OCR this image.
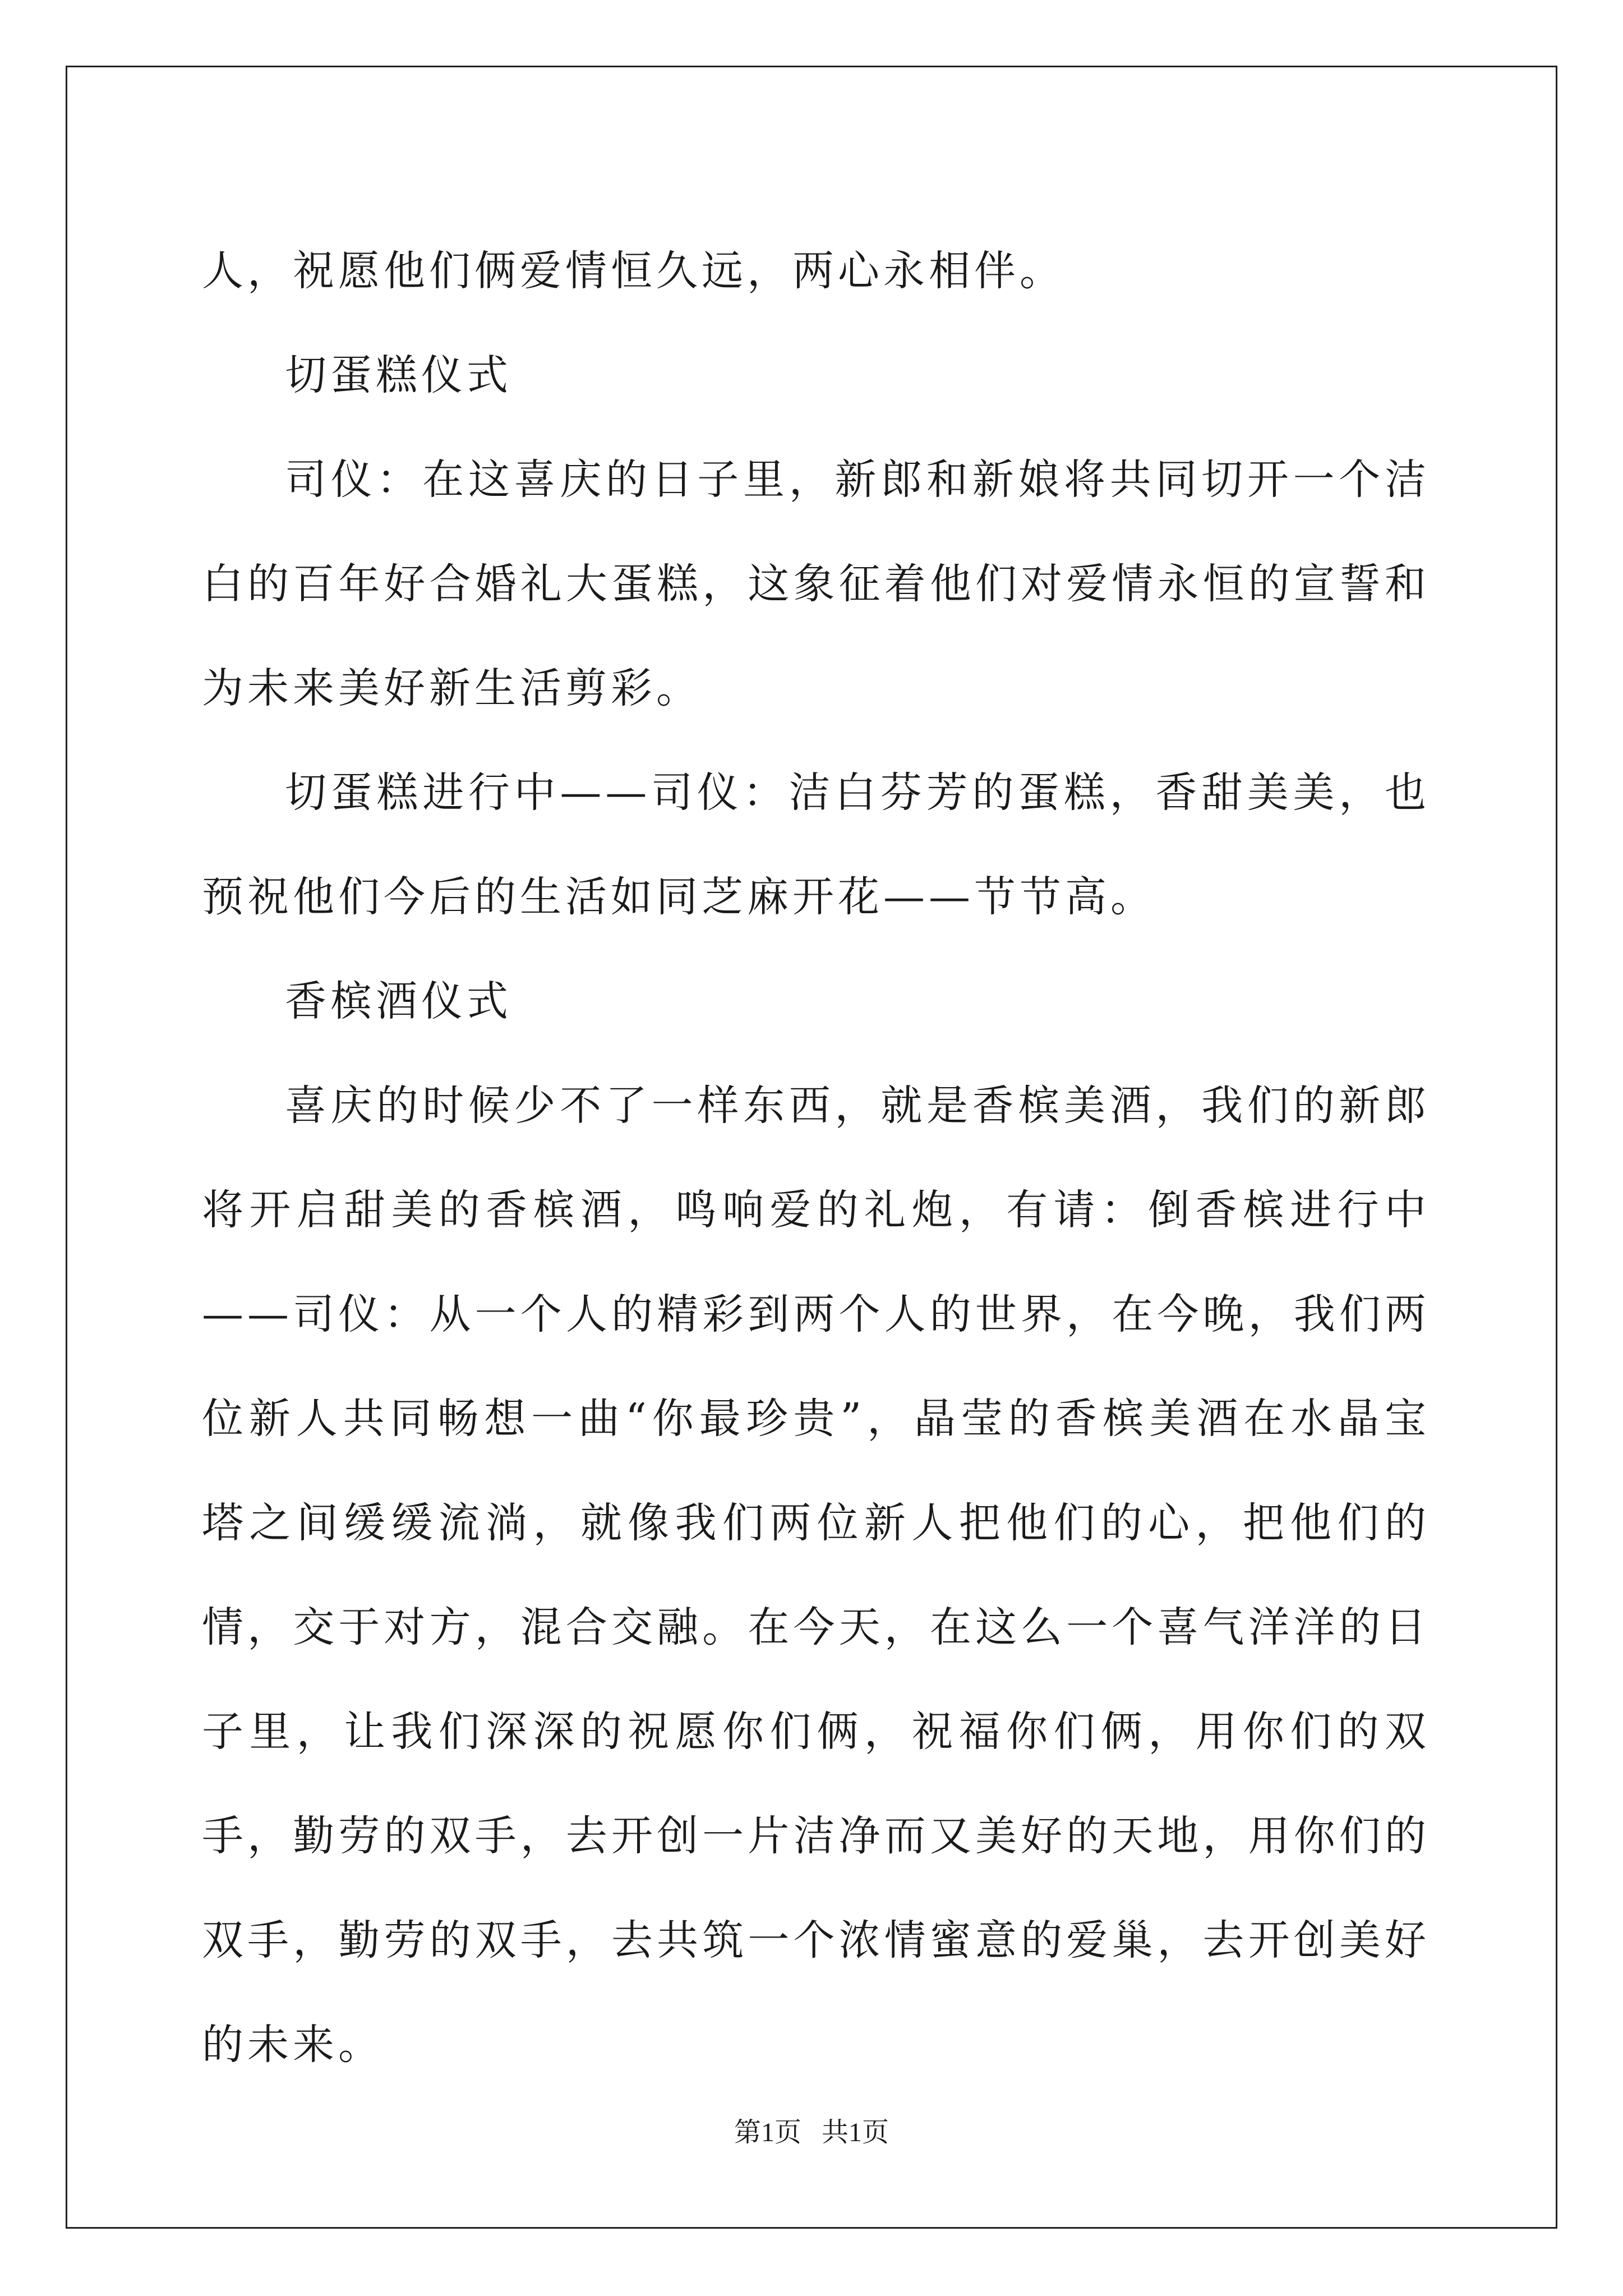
人，祝愿他们俩爱情恒久远，两心永相伴。

切蛋糕仪式

司仪：在这喜庆的日子里，新郎和新娘将共同切开一个洁白的百年好合婚礼大蛋糕，这象征着他们对爱情永恒的宣誓和为未来美好新生活剪彩。

切蛋糕进行中——司仪：洁白芬芳的蛋糕，香甜美美，也预祝他们今后的生活如同芝麻开花——节节高。

香槟酒仪式

喜庆的时候少不了一样东西，就是香槟美酒，我们的新郎将开启甜美的香槟酒，鸣响爱的礼炮，有请：倒香槟进行中——司仪：从一个人的精彩到两个人的世界，在今晚，我们两位新人共同畅想一曲“你最珍贵”，晶莹的香槟美酒在水晶宝塔之间缓缓流淌，就像我们两位新人把他们的心，把他们的情，交于对方，混合交融。在今天，在这么一个喜气洋洋的日子里，让我们深深的祝愿你们俩，祝福你们俩，用你们的双手，勤劳的双手，去开创一片洁净而又美好的天地，用你们的双手，勤劳的双手，去共筑一个浓情蜜意的爱巢，去开创美好的未来。

第1页 共1页
